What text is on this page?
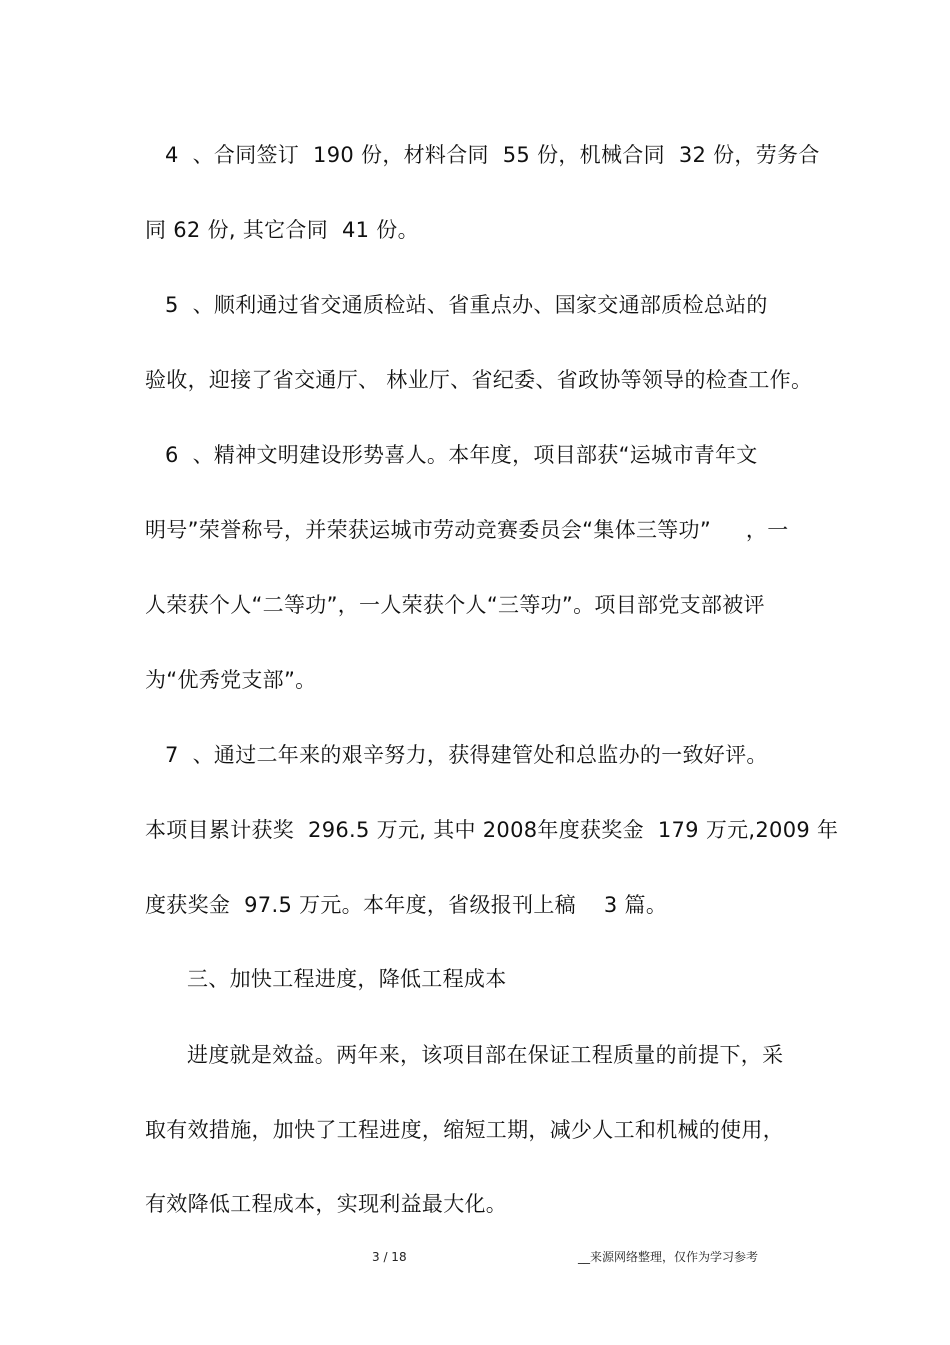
4  、合同签订  190 份，材料合同  55 份，机械合同  32 份，劳务合
同 62 份, 其它合同  41 份。
5  、顺利通过省交通质检站、省重点办、国家交通部质检总站的
验收，迎接了省交通厅、 林业厅、省纪委、省政协等领导的检查工作。
6  、精神文明建设形势喜人。本年度，项目部获“运城市青年文
明号”荣誉称号，并荣获运城市劳动竞赛委员会“集体三等功”     ，一
人荣获个人“二等功”，一人荣获个人“三等功”。项目部党支部被评
为“优秀党支部”。
7  、通过二年来的艰辛努力，获得建管处和总监办的一致好评。
本项目累计获奖  296.5 万元, 其中 2008年度获奖金  179 万元,2009 年
度获奖金  97.5 万元。本年度，省级报刊上稿    3 篇。
三、加快工程进度，降低工程成本
进度就是效益。两年来，该项目部在保证工程质量的前提下，采
取有效措施，加快了工程进度，缩短工期，减少人工和机械的使用，
有效降低工程成本，实现利益最大化。
3 / 18	__来源网络整理，仅作为学习参考
